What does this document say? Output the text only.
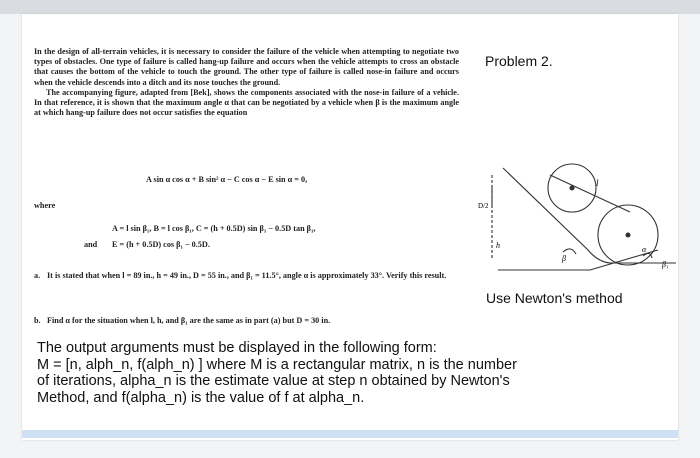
In the design of all-terrain vehicles, it is necessary to consider the failure of the vehicle when attempting to negotiate two types of obstacles. One type of failure is called hang-up failure and occurs when the vehicle attempts to cross an obstacle that causes the bottom of the vehicle to touch the ground. The other type of failure is called nose-in failure and occurs when the vehicle descends into a ditch and its nose touches the ground.

The accompanying figure, adapted from [Bek], shows the components associated with the nose-in failure of a vehicle. In that reference, it is shown that the maximum angle α that can be negotiated by a vehicle when β is the maximum angle at which hang-up failure does not occur satisfies the equation

A sin α cos α + B sin² α − C cos α − E sin α = 0,
where
A = l sin β₁, B = l cos β₁, C = (h + 0.5D) sin β₁ − 0.5D tan β₁,
and E = (h + 0.5D) cos β₁ − 0.5D.
a. It is stated that when l = 89 in., h = 49 in., D = 55 in., and β₁ = 11.5°, angle α is approximately 33°. Verify this result.
b. Find α for the situation when l, h, and β₁ are the same as in part (a) but D = 30 in.
Problem 2.
Use Newton's method
l
D/2
h
β
α
β₁
The output arguments must be displayed in the following form:
M = [n, alph_n, f(alph_n) ] where M is a rectangular matrix, n is the number
of iterations, alpha_n is the estimate value at step n obtained by Newton's
Method, and f(alpha_n) is the value of f at alpha_n.
